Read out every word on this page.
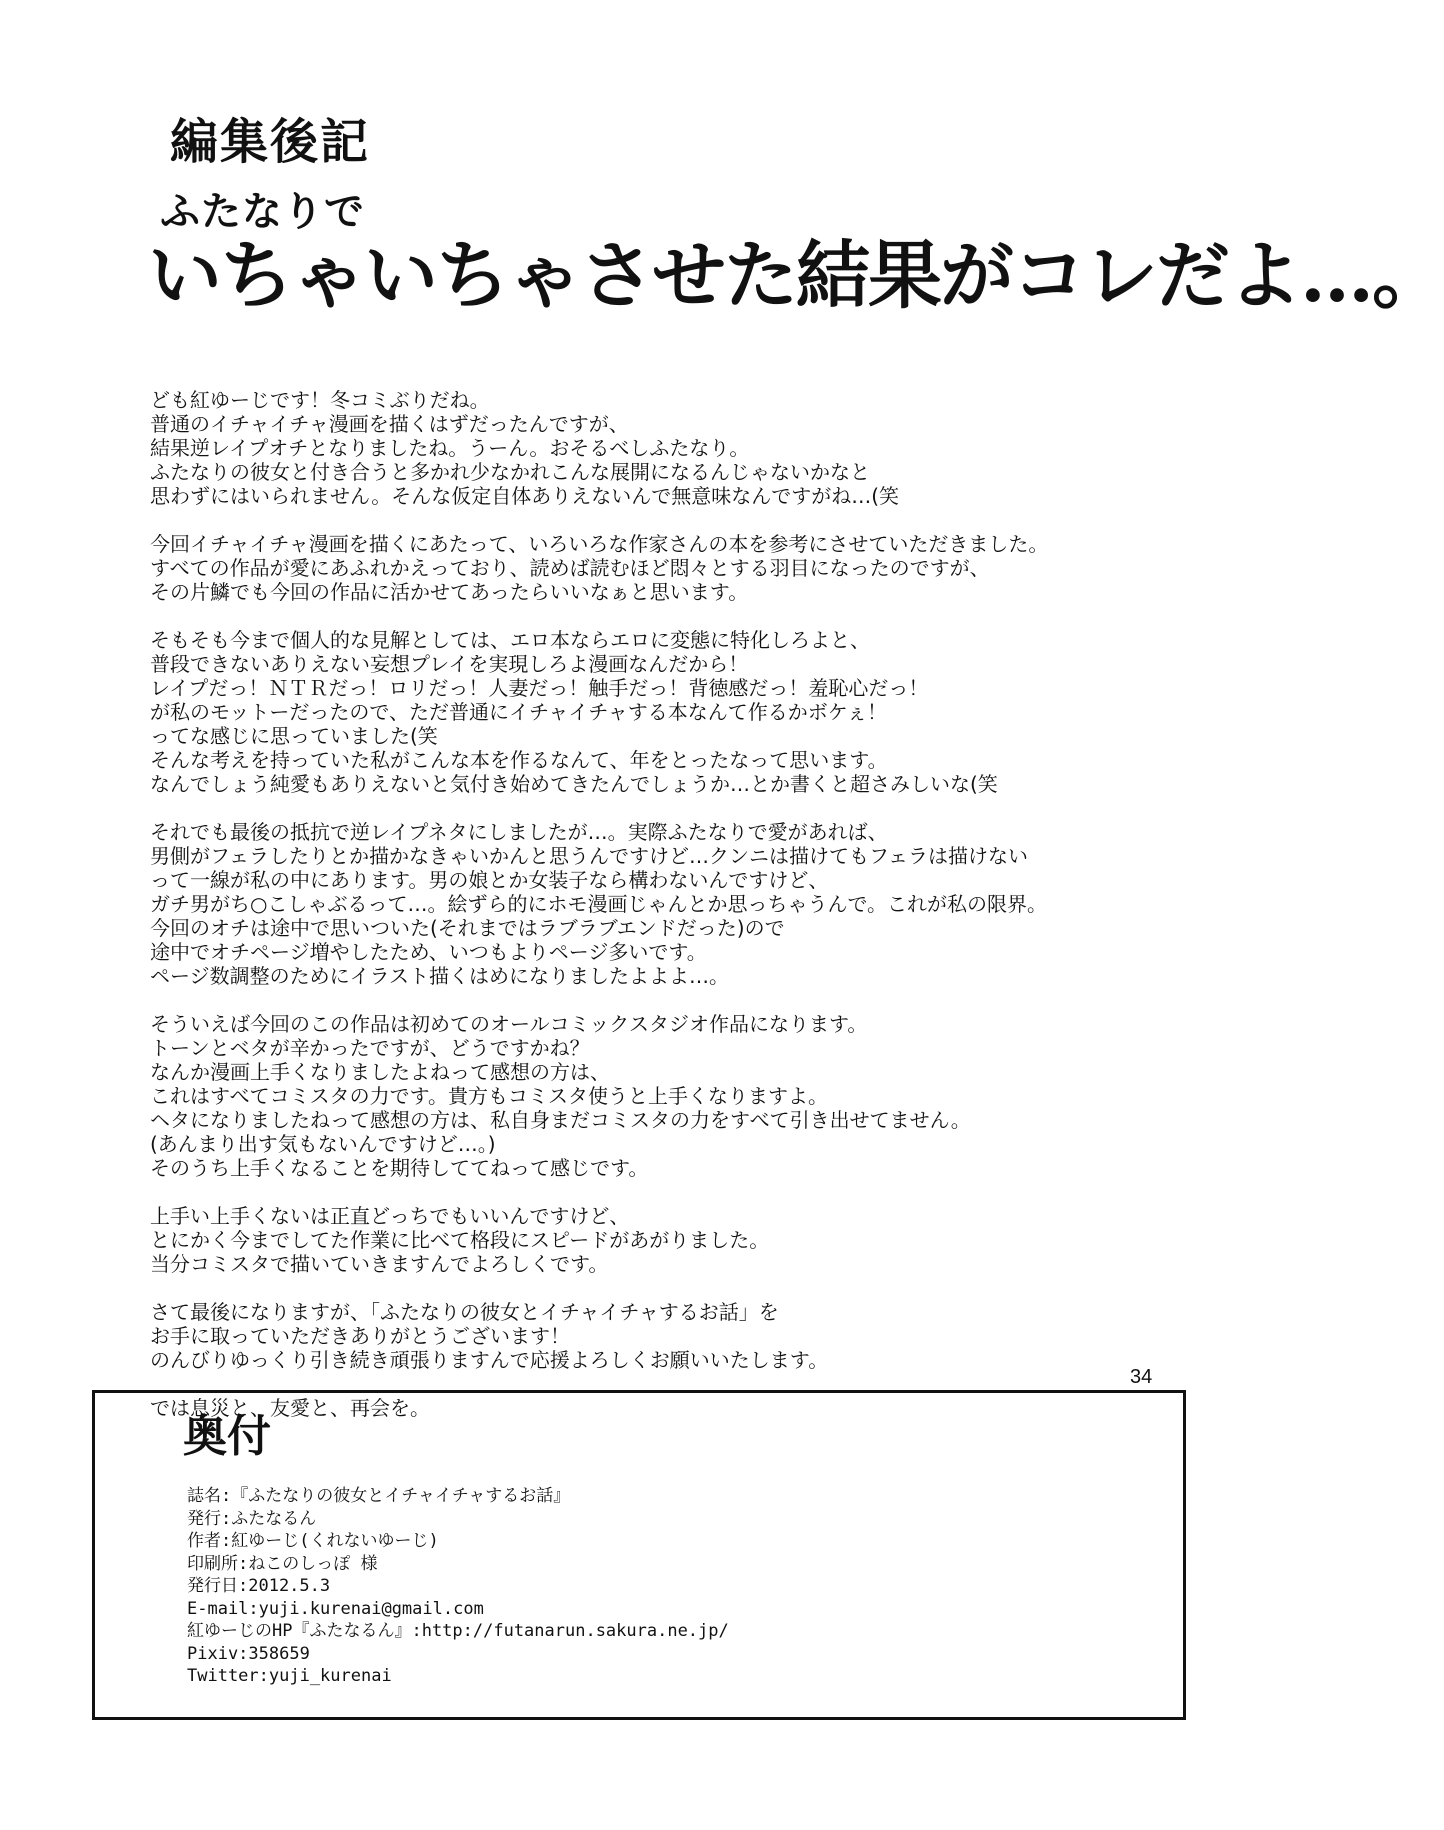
編集後記
ふたなりで
いちゃいちゃさせた結果がコレだよ…。

ども紅ゆーじです！冬コミぶりだね。
普通のイチャイチャ漫画を描くはずだったんですが、
結果逆レイプオチとなりましたね。うーん。おそるべしふたなり。
ふたなりの彼女と付き合うと多かれ少なかれこんな展開になるんじゃないかなと
思わずにはいられません。そんな仮定自体ありえないんで無意味なんですがね…(笑

今回イチャイチャ漫画を描くにあたって、いろいろな作家さんの本を参考にさせていただきました。
すべての作品が愛にあふれかえっており、読めば読むほど悶々とする羽目になったのですが、
その片鱗でも今回の作品に活かせてあったらいいなぁと思います。

そもそも今まで個人的な見解としては、エロ本ならエロに変態に特化しろよと、
普段できないありえない妄想プレイを実現しろよ漫画なんだから！
レイプだっ！ＮＴＲだっ！ロリだっ！人妻だっ！触手だっ！背徳感だっ！羞恥心だっ！
が私のモットーだったので、ただ普通にイチャイチャする本なんて作るかボケぇ！
ってな感じに思っていました(笑
そんな考えを持っていた私がこんな本を作るなんて、年をとったなって思います。
なんでしょう純愛もありえないと気付き始めてきたんでしょうか…とか書くと超さみしいな(笑

それでも最後の抵抗で逆レイプネタにしましたが…。実際ふたなりで愛があれば、
男側がフェラしたりとか描かなきゃいかんと思うんですけど…クンニは描けてもフェラは描けない
って一線が私の中にあります。男の娘とか女装子なら構わないんですけど、
ガチ男がち○こしゃぶるって…。絵ずら的にホモ漫画じゃんとか思っちゃうんで。これが私の限界。
今回のオチは途中で思いついた(それまではラブラブエンドだった)ので
途中でオチページ増やしたため、いつもよりページ多いです。
ページ数調整のためにイラスト描くはめになりましたよよよ…。

そういえば今回のこの作品は初めてのオールコミックスタジオ作品になります。
トーンとベタが辛かったですが、どうですかね？
なんか漫画上手くなりましたよねって感想の方は、
これはすべてコミスタの力です。貴方もコミスタ使うと上手くなりますよ。
ヘタになりましたねって感想の方は、私自身まだコミスタの力をすべて引き出せてません。
(あんまり出す気もないんですけど…。)
そのうち上手くなることを期待しててねって感じです。

上手い上手くないは正直どっちでもいいんですけど、
とにかく今までしてた作業に比べて格段にスピードがあがりました。
当分コミスタで描いていきますんでよろしくです。

さて最後になりますが、「ふたなりの彼女とイチャイチャするお話」を
お手に取っていただきありがとうございます！
のんびりゆっくり引き続き頑張りますんで応援よろしくお願いいたします。

では息災と、友愛と、再会を。

34
奥付
誌名:『ふたなりの彼女とイチャイチャするお話』
発行:ふたなるん
作者:紅ゆーじ(くれないゆーじ)
印刷所:ねこのしっぽ 様
発行日:2012.5.3
E-mail:yuji.kurenai@gmail.com
紅ゆーじのHP『ふたなるん』:http://futanarun.sakura.ne.jp/
Pixiv:358659
Twitter:yuji_kurenai
